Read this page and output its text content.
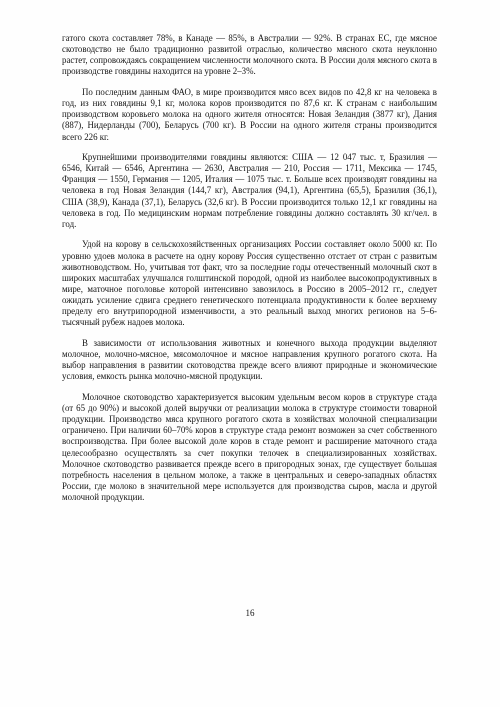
гатого скота составляет 78%, в Канаде — 85%, в Австралии — 92%. В странах ЕС, где мясное скотоводство не было традиционно развитой отраслью, количество мясного скота неуклонно растет, сопровождаясь сокращением численности молочного скота. В России доля мясного скота в производстве говядины находится на уровне 2–3%.

По последним данным ФАО, в мире производится мясо всех видов по 42,8 кг на человека в год, из них говядины 9,1 кг, молока коров производится по 87,6 кг. К странам с наибольшим производством коровьего молока на одного жителя относятся: Новая Зеландия (3877 кг), Дания (887), Нидерланды (700), Беларусь (700 кг). В России на одного жителя страны производится всего 226 кг.

Крупнейшими производителями говядины являются: США — 12 047 тыс. т, Бразилия — 6546, Китай — 6546, Аргентина — 2630, Австралия — 210, Россия — 1711, Мексика — 1745, Франция — 1550, Германия — 1205, Италия — 1075 тыс. т. Больше всех производят говядины на человека в год Новая Зеландия (144,7 кг), Австралия (94,1), Аргентина (65,5), Бразилия (36,1), США (38,9), Канада (37,1), Беларусь (32,6 кг). В России производится только 12,1 кг говядины на человека в год. По медицинским нормам потребление говядины должно составлять 30 кг/чел. в год.

Удой на корову в сельскохозяйственных организациях России составляет около 5000 кг. По уровню удоев молока в расчете на одну корову Россия существенно отстает от стран с развитым животноводством. Но, учитывая тот факт, что за последние годы отечественный молочный скот в широких масштабах улучшался голштинской породой, одной из наиболее высокопродуктивных в мире, маточное поголовье которой интенсивно завозилось в Россию в 2005–2012 гг., следует ожидать усиление сдвига среднего генетического потенциала продуктивности к более верхнему пределу его внутрипородной изменчивости, а это реальный выход многих регионов на 5–6-тысячный рубеж надоев молока.

В зависимости от использования животных и конечного выхода продукции выделяют молочное, молочно-мясное, мясомолочное и мясное направления крупного рогатого скота. На выбор направления в развитии скотоводства прежде всего влияют природные и экономические условия, емкость рынка молочно-мясной продукции.

Молочное скотоводство характеризуется высоким удельным весом коров в структуре стада (от 65 до 90%) и высокой долей выручки от реализации молока в структуре стоимости товарной продукции. Производство мяса крупного рогатого скота в хозяйствах молочной специализации ограничено. При наличии 60–70% коров в структуре стада ремонт возможен за счет собственного воспроизводства. При более высокой доле коров в стаде ремонт и расширение маточного стада целесообразно осуществлять за счет покупки телочек в специализированных хозяйствах. Молочное скотоводство развивается прежде всего в пригородных зонах, где существует большая потребность населения в цельном молоке, а также в центральных и северо-западных областях России, где молоко в значительной мере используется для производства сыров, масла и другой молочной продукции.

16
